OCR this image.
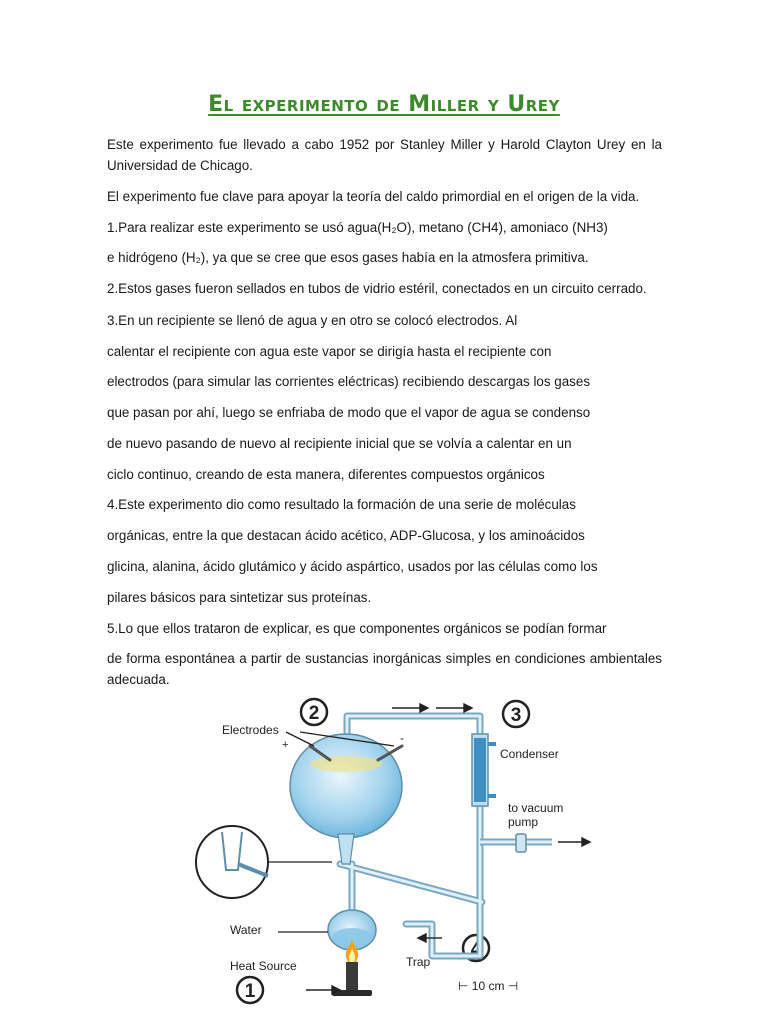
El experimento de Miller y Urey

Este experimento fue llevado a cabo 1952 por Stanley Miller y Harold Clayton Urey en la Universidad de Chicago.

El experimento fue clave para apoyar la teoría del caldo primordial en el origen de la vida.

1.Para realizar este experimento se usó agua(H₂O), metano (CH4), amoniaco (NH3)

e hidrógeno (H₂), ya que se cree que esos gases había en la atmosfera primitiva.

2.Estos gases fueron sellados en tubos de vidrio estéril, conectados en un circuito cerrado.

3.En un recipiente se llenó de agua y en otro se colocó electrodos. Al

calentar el recipiente con agua este vapor se dirigía hasta el recipiente con

electrodos (para simular las corrientes eléctricas) recibiendo descargas los gases

que pasan por ahí, luego se enfriaba de modo que el vapor de agua se condenso

de nuevo pasando de nuevo al recipiente inicial que se volvía a calentar en un

ciclo continuo, creando de esta manera, diferentes compuestos orgánicos

4.Este experimento dio como resultado la formación de una serie de moléculas

orgánicas, entre la que destacan ácido acético, ADP-Glucosa, y los aminoácidos

glicina, alanina, ácido glutámico y ácido aspártico, usados por las células como los

pilares básicos para sintetizar sus proteínas.

5.Lo que ellos trataron de explicar, es que componentes orgánicos se podían formar

de forma espontánea a partir de sustancias inorgánicas simples en condiciones ambientales adecuada.

2	3
4
1
Electrodes
+	-
Condenser
to vacuum
pump
Water
Heat Source	Trap
⊢ 10 cm ⊣
